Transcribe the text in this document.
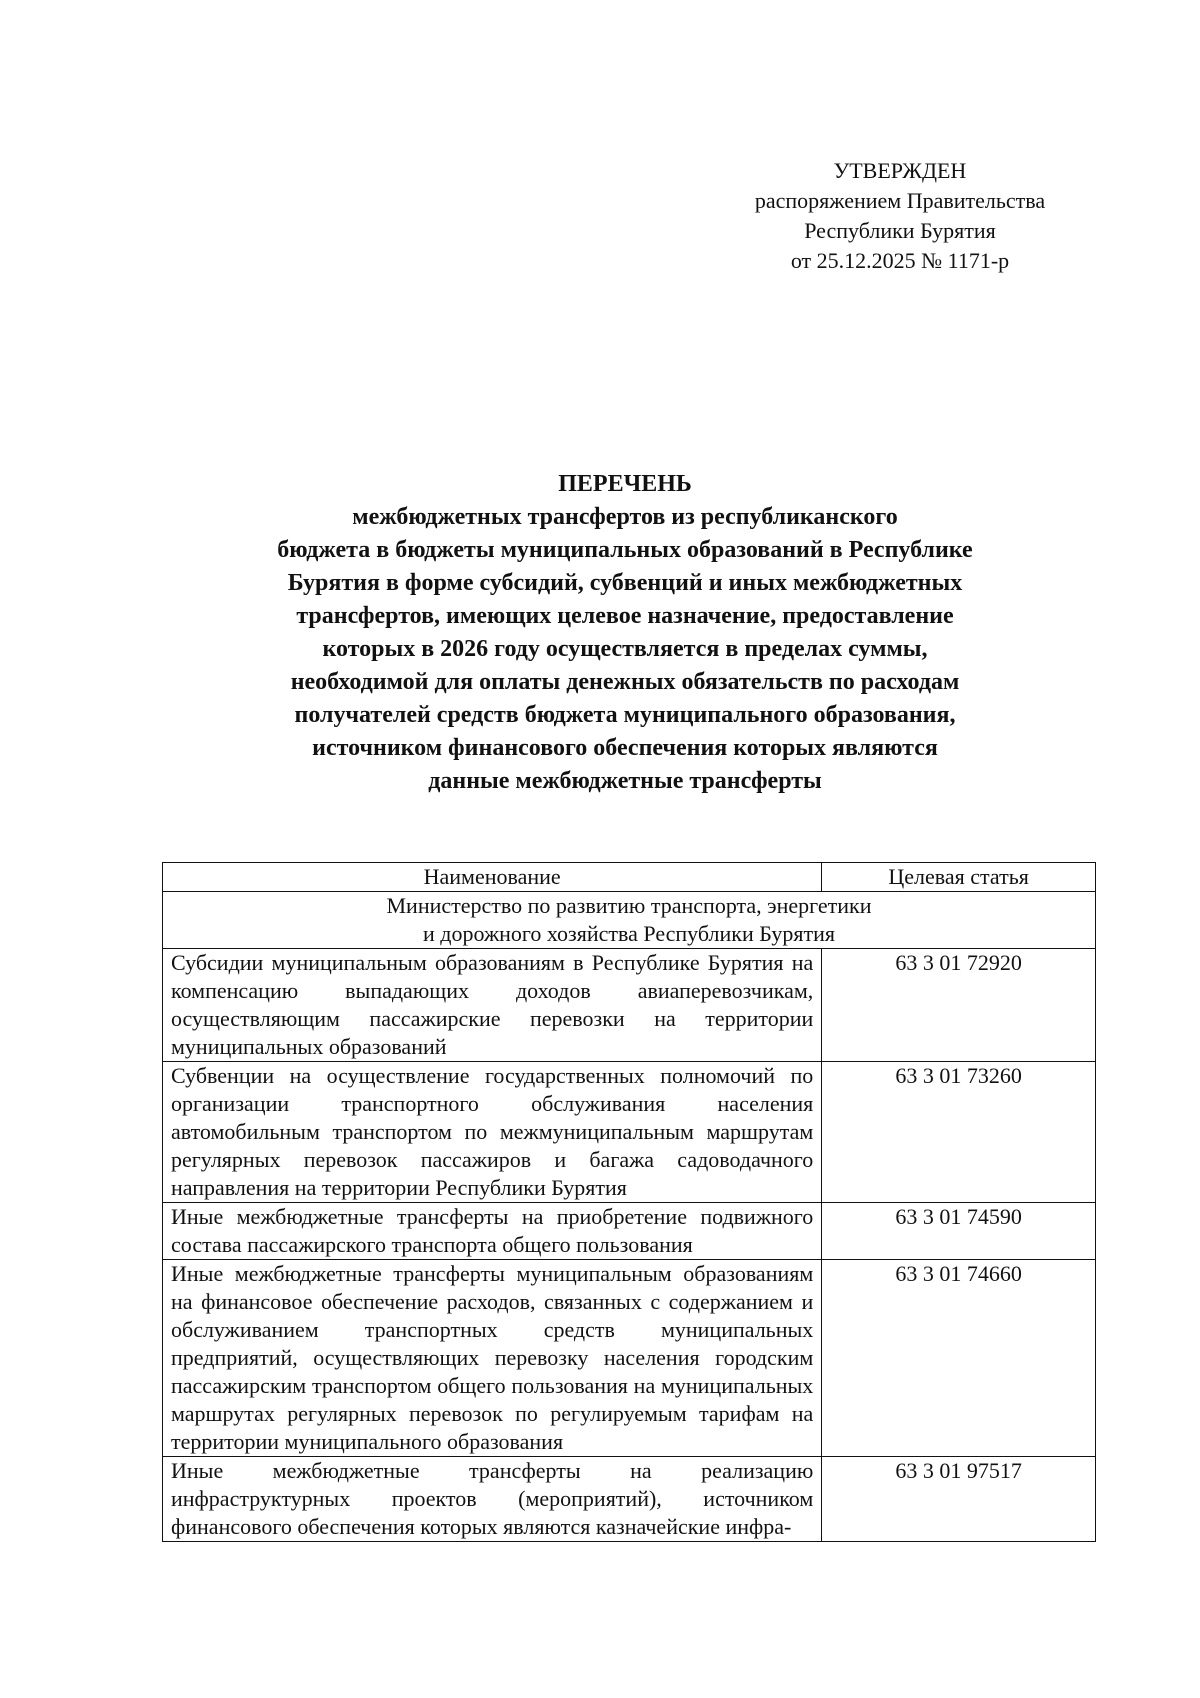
УТВЕРЖДЕН
распоряжением Правительства
Республики Бурятия
от 25.12.2025 № 1171-р
ПЕРЕЧЕНЬ
межбюджетных трансфертов из республиканского
бюджета в бюджеты муниципальных образований в Республике
Бурятия в форме субсидий, субвенций и иных межбюджетных
трансфертов, имеющих целевое назначение, предоставление
которых в 2026 году осуществляется в пределах суммы,
необходимой для оплаты денежных обязательств по расходам
получателей средств бюджета муниципального образования,
источником финансового обеспечения которых являются
данные межбюджетные трансферты
Наименование	Целевая статья

Министерство по развитию транспорта, энергетики
и дорожного хозяйства Республики Бурятия	

Субсидии муниципальным образованиям в Республике Бурятия на компенсацию выпадающих доходов авиаперевозчикам, осуществляющим пассажирские перевозки на территории муниципальных образований	63 3 01 72920
Субвенции на осуществление государственных полномочий по организации транспортного обслуживания населения автомобильным транспортом по межмуниципальным маршрутам регулярных перевозок пассажиров и багажа садоводачного направления на территории Республики Бурятия	63 3 01 73260
Иные межбюджетные трансферты на приобретение подвижного состава пассажирского транспорта общего пользования	63 3 01 74590
Иные межбюджетные трансферты муниципальным образованиям на финансовое обеспечение расходов, связанных с содержанием и обслуживанием транспортных средств муниципальных предприятий, осуществляющих перевозку населения городским пассажирским транспортом общего пользования на муниципальных маршрутах регулярных перевозок по регулируемым тарифам на территории муниципального образования	63 3 01 74660
Иные межбюджетные трансферты на реализацию инфраструктурных проектов (мероприятий), источником финансового обеспечения которых являются казначейские инфра-	63 3 01 97517
